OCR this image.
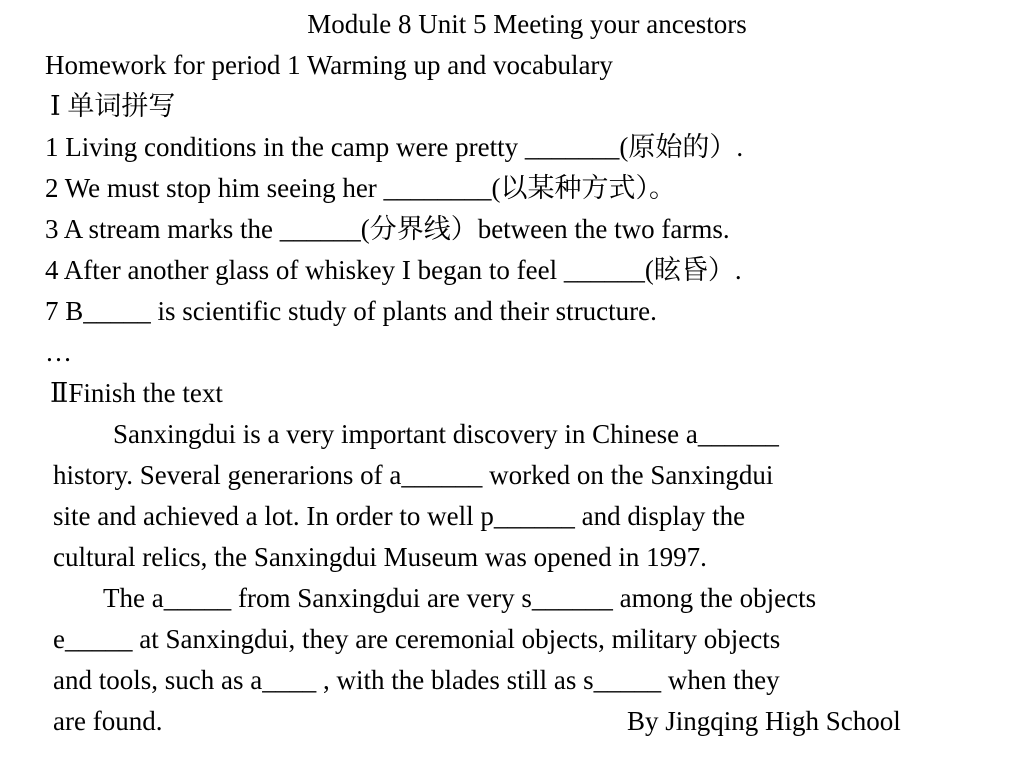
Module 8 Unit 5 Meeting your ancestors
Homework for period 1 Warming up and vocabulary
Ⅰ 单词拼写
1 Living conditions in the camp were pretty _______(原始的）.
2 We must stop him seeing her ________(以某种方式）。
3 A stream marks the ______(分界线）between the two farms.
4 After another glass of whiskey I began to feel ______(眩昏）.
7 B_____ is scientific study of plants and their structure.
…
ⅡFinish the text
Sanxingdui is a very important discovery in Chinese a______
history. Several generarions of a______ worked on the Sanxingdui
site and achieved a lot. In order to well p______ and display the
cultural relics, the Sanxingdui Museum was opened in 1997.
The a_____ from Sanxingdui are very s______ among the objects
e_____ at Sanxingdui, they are ceremonial objects, military objects
and tools, such as a____ , with the blades still as s_____ when they
are found.	By Jingqing High School
